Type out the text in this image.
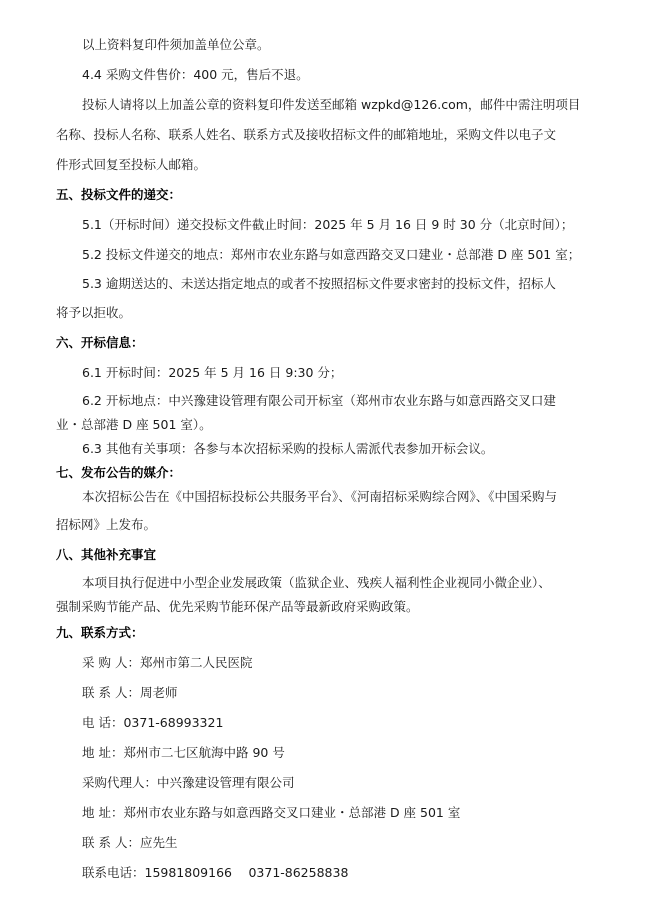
以上资料复印件须加盖单位公章。
4.4 采购文件售价：400 元，售后不退。
投标人请将以上加盖公章的资料复印件发送至邮箱 wzpkd@126.com，邮件中需注明项目
名称、投标人名称、联系人姓名、联系方式及接收招标文件的邮箱地址，采购文件以电子文
件形式回复至投标人邮箱。
五、投标文件的递交：
5.1（开标时间）递交投标文件截止时间：2025 年 5 月 16 日 9 时 30 分（北京时间）；
5.2 投标文件递交的地点：郑州市农业东路与如意西路交叉口建业・总部港 D 座 501 室；
5.3 逾期送达的、未送达指定地点的或者不按照招标文件要求密封的投标文件，招标人
将予以拒收。
六、开标信息：
6.1 开标时间：2025 年 5 月 16 日 9:30 分；
6.2 开标地点：中兴豫建设管理有限公司开标室（郑州市农业东路与如意西路交叉口建
业・总部港 D 座 501 室）。
6.3 其他有关事项：各参与本次招标采购的投标人需派代表参加开标会议。
七、发布公告的媒介：
本次招标公告在《中国招标投标公共服务平台》、《河南招标采购综合网》、《中国采购与
招标网》上发布。
八、其他补充事宜
本项目执行促进中小型企业发展政策（监狱企业、残疾人福利性企业视同小微企业）、
强制采购节能产品、优先采购节能环保产品等最新政府采购政策。
九、联系方式：
采 购 人：郑州市第二人民医院
联 系 人：周老师
电 话：0371-68993321
地 址：郑州市二七区航海中路 90 号
采购代理人：中兴豫建设管理有限公司
地 址：郑州市农业东路与如意西路交叉口建业・总部港 D 座 501 室
联 系 人：应先生
联系电话：15981809166　 0371-86258838
